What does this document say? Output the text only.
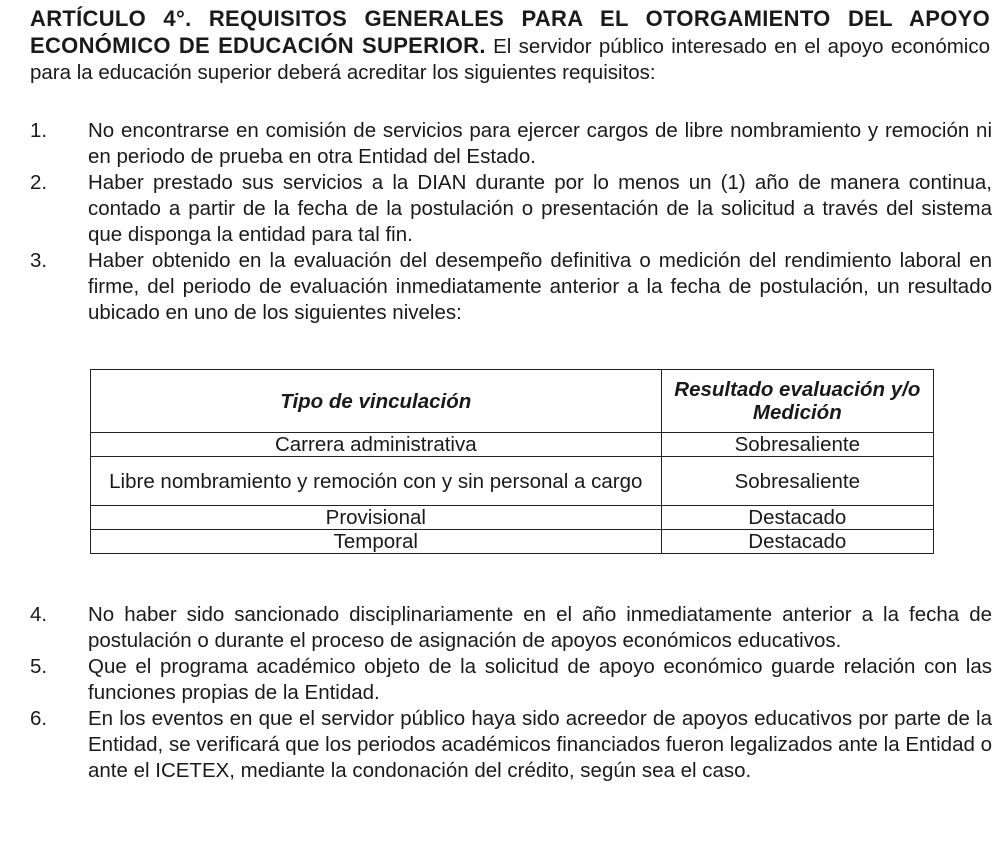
ARTÍCULO 4°. REQUISITOS GENERALES PARA EL OTORGAMIENTO DEL APOYO ECONÓMICO DE EDUCACIÓN SUPERIOR. El servidor público interesado en el apoyo económico para la educación superior deberá acreditar los siguientes requisitos:

1. No encontrarse en comisión de servicios para ejercer cargos de libre nombramiento y remoción ni en periodo de prueba en otra Entidad del Estado.
2. Haber prestado sus servicios a la DIAN durante por lo menos un (1) año de manera continua, contado a partir de la fecha de la postulación o presentación de la solicitud a través del sistema que disponga la entidad para tal fin.
3. Haber obtenido en la evaluación del desempeño definitiva o medición del rendimiento laboral en firme, del periodo de evaluación inmediatamente anterior a la fecha de postulación, un resultado ubicado en uno de los siguientes niveles:
Tipo de vinculación	Resultado evaluación y/o Medición
Carrera administrativa	Sobresaliente
Libre nombramiento y remoción con y sin personal a cargo	Sobresaliente
Provisional	Destacado
Temporal	Destacado
4. No haber sido sancionado disciplinariamente en el año inmediatamente anterior a la fecha de postulación o durante el proceso de asignación de apoyos económicos educativos.
5. Que el programa académico objeto de la solicitud de apoyo económico guarde relación con las funciones propias de la Entidad.
6. En los eventos en que el servidor público haya sido acreedor de apoyos educativos por parte de la Entidad, se verificará que los periodos académicos financiados fueron legalizados ante la Entidad o ante el ICETEX, mediante la condonación del crédito, según sea el caso.
